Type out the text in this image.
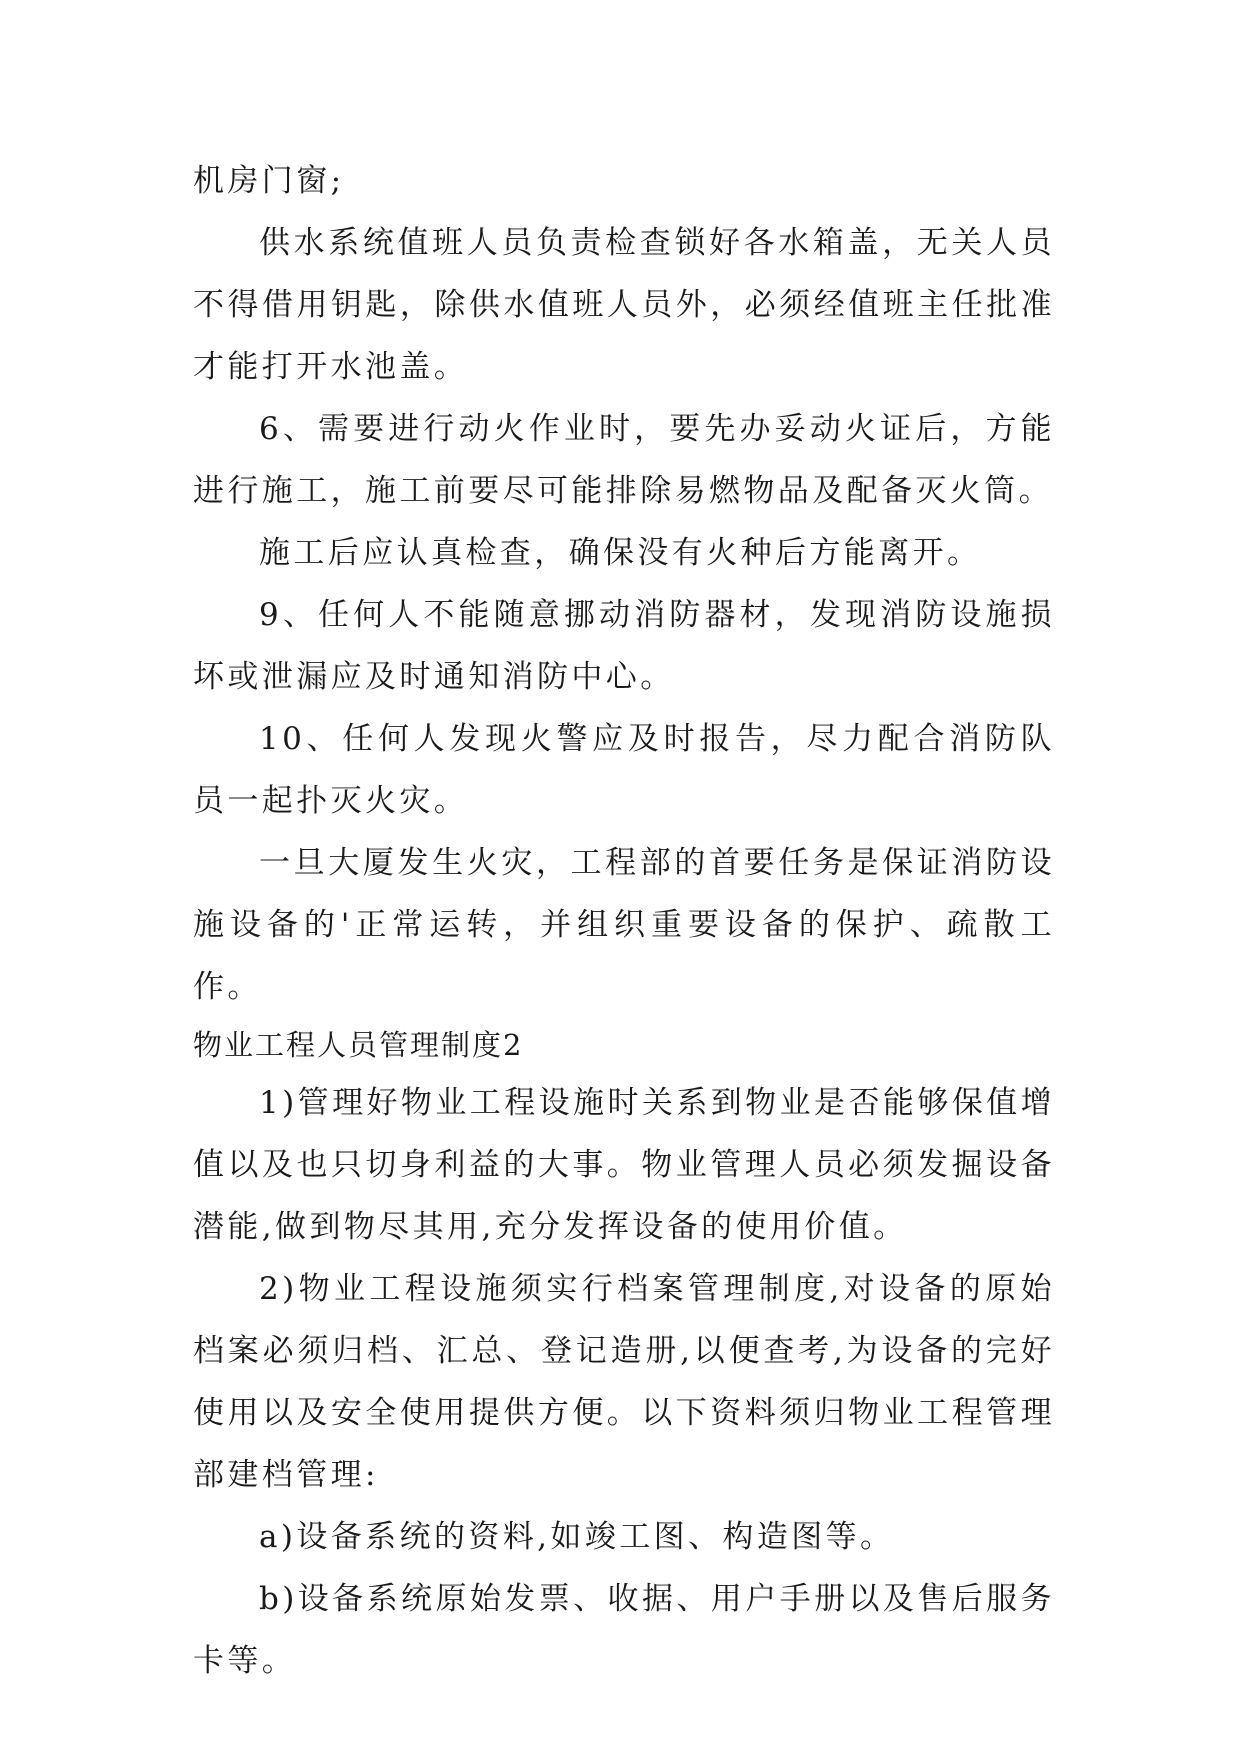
机房门窗;

供水系统值班人员负责检查锁好各水箱盖，无关人员不得借用钥匙，除供水值班人员外，必须经值班主任批准才能打开水池盖。

6、需要进行动火作业时，要先办妥动火证后，方能进行施工，施工前要尽可能排除易燃物品及配备灭火筒。

施工后应认真检查，确保没有火种后方能离开。

9、任何人不能随意挪动消防器材，发现消防设施损坏或泄漏应及时通知消防中心。

10、任何人发现火警应及时报告，尽力配合消防队员一起扑灭火灾。

一旦大厦发生火灾，工程部的首要任务是保证消防设施设备的'正常运转，并组织重要设备的保护、疏散工作。

物业工程人员管理制度2

1)管理好物业工程设施时关系到物业是否能够保值增值以及也只切身利益的大事。物业管理人员必须发掘设备潜能,做到物尽其用,充分发挥设备的使用价值。

2)物业工程设施须实行档案管理制度,对设备的原始档案必须归档、汇总、登记造册,以便查考,为设备的完好使用以及安全使用提供方便。以下资料须归物业工程管理部建档管理:

a)设备系统的资料,如竣工图、构造图等。

b)设备系统原始发票、收据、用户手册以及售后服务卡等。
